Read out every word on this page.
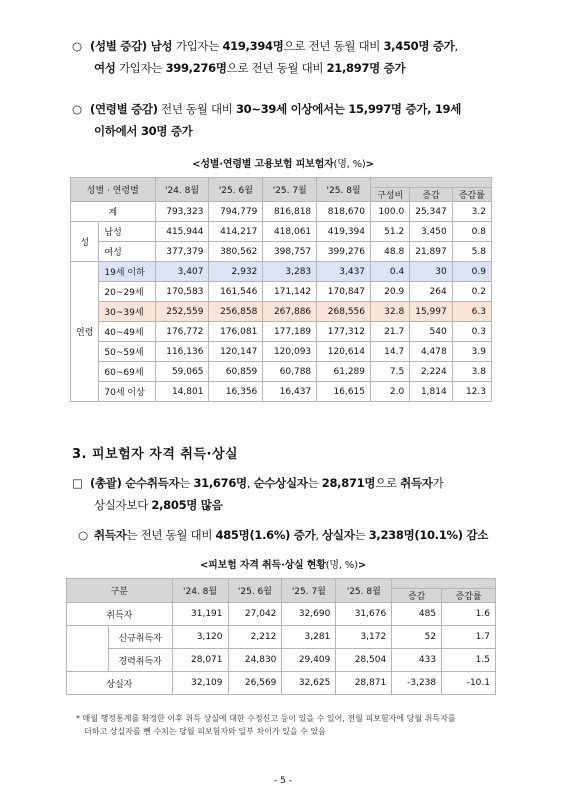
○ (성별 증감) 남성 가입자는 419,394명으로 전년 동월 대비 3,450명 증가,
여성 가입자는 399,276명으로 전년 동월 대비 21,897명 증가
○ (연령별 증감) 전년 동월 대비 30~39세 이상에서는 15,997명 증가, 19세
이하에서 30명 증가
<성별·연령별 고용보험 피보험자(명, %)>
성별 · 연령별		'24. 8월	'25. 6월	'25. 7월	'25. 8월			
						구성비	증감	증감률
계		793,323	794,779	816,818	818,670	100.0	25,347	3.2
성	남성	415,944	414,217	418,061	419,394	51.2	3,450	0.8
	여성	377,379	380,562	398,757	399,276	48.8	21,897	5.8
연령	19세 이하	3,407	2,932	3,283	3,437	0.4	30	0.9
	20~29세	170,583	161,546	171,142	170,847	20.9	264	0.2
	30~39세	252,559	256,858	267,886	268,556	32.8	15,997	6.3
	40~49세	176,772	176,081	177,189	177,312	21.7	540	0.3
	50~59세	116,136	120,147	120,093	120,614	14.7	4,478	3.9
	60~69세	59,065	60,859	60,788	61,289	7.5	2,224	3.8
	70세 이상	14,801	16,356	16,437	16,615	2.0	1,814	12.3
3. 피보험자 자격 취득·상실
□ (총괄) 순수취득자는 31,676명, 순수상실자는 28,871명으로 취득자가
상실자보다 2,805명 많음
○ 취득자는 전년 동월 대비 485명(1.6%) 증가, 상실자는 3,238명(10.1%) 감소
<피보험 자격 취득·상실 현황(명, %)>
구분		'24. 8월	'25. 6월	'25. 7월	'25. 8월		
						증감	증감률
취득자		31,191	27,042	32,690	31,676	485	1.6
	신규취득자	3,120	2,212	3,281	3,172	52	1.7
	경력취득자	28,071	24,830	29,409	28,504	433	1.5
상실자		32,109	26,569	32,625	28,871	-3,238	-10.1
* 매월 행정통계를 확정한 이후 취득 상실에 대한 수정신고 등이 있을 수 있어, 전월 피보험자에 당월 취득자를
더하고 상실자를 뺀 수치는 당월 피보험자와 일부 차이가 있을 수 있음
- 5 -
